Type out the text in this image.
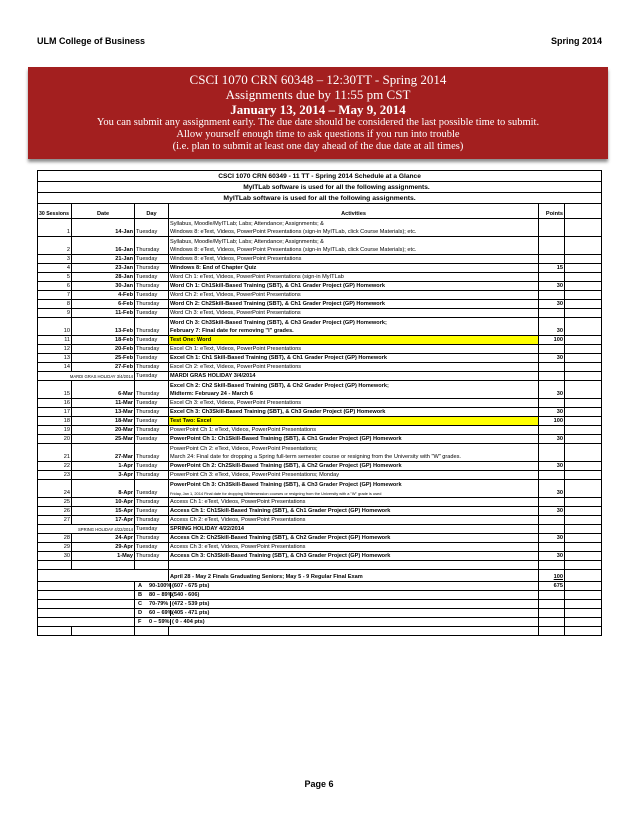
ULM College of Business	Spring 2014
CSCI 1070 CRN 60348 – 12:30TT - Spring 2014
Assignments due by 11:55 pm CST
January 13, 2014 – May 9, 2014
You can submit any assignment early. The due date should be considered the last possible time to submit.
Allow yourself enough time to ask questions if you run into trouble
(i.e. plan to submit at least one day ahead of the due date at all times)
CSCI 1070 CRN 60349 - 11 TT - Spring 2014 Schedule at a Glance					
		MyITLab software is used for all the following assignments.			
MyITLab software is used for all the following assignments.					
30 Sessions	Date	Day	Activities	Points	
1	14-Jan	Tuesday	Syllabus, Moodle/MyITLab; Labs; Attendance; Assignments; &
Windows 8: eText, Videos, PowerPoint Presentations (sign-in MyITLab, click Course Materials); etc.		

2	16-Jan	Thursday	Syllabus, Moodle/MyITLab; Labs; Attendance; Assignments; &
Windows 8: eText, Videos, PowerPoint Presentations (sign-in MyITLab, click Course Materials); etc.		

3	21-Jan	Tuesday	Windows 8: eText, Videos, PowerPoint Presentations		
4	23-Jan	Thursday	Windows 8: End of Chapter Quiz	15	
5	28-Jan	Tuesday	Word Ch 1: eText, Videos, PowerPoint Presentations (sign-in MyITLab		
6	30-Jan	Thursday	Word Ch 1: Ch1Skill-Based Training (SBT), & Ch1 Grader Project (GP) Homework	30	
7	4-Feb	Tuesday	Word Ch 2: eText, Videos, PowerPoint Presentations		
8	6-Feb	Thursday	Word Ch 2: Ch2Skill-Based Training (SBT), & Ch1 Grader Project (GP) Homework	30	
9	11-Feb	Tuesday	Word Ch 3: eText, Videos, PowerPoint Presentations		
10	13-Feb	Thursday	Word Ch 3: Ch3Skill-Based Training (SBT), & Ch3 Grader Project (GP) Homework;
February 7: Final date for removing "I" grades.	30	
11	18-Feb	Tuesday	Test One: Word	100	
12	20-Feb	Thursday	Excel Ch 1: eText, Videos, PowerPoint Presentations		
13	25-Feb	Tuesday	Excel Ch 1: Ch1 Skill-Based Training (SBT), & Ch1 Grader Project (GP) Homework	30	
14	27-Feb	Thursday	Excel Ch 2: eText, Videos, PowerPoint Presentations		
MARDI GRAS HOLIDAY 3/4/2014		Tuesday	MARDI GRAS HOLIDAY 3/4/2014		
15	6-Mar	Thursday	Excel Ch 2: Ch2 Skill-Based Training (SBT), & Ch2 Grader Project (GP) Homework;
Midterm: February 24 - March 6	30	
16	11-Mar	Tuesday	Excel Ch 3: eText, Videos, PowerPoint Presentations		
17	13-Mar	Thursday	Excel Ch 3: Ch3Skill-Based Training (SBT), & Ch3 Grader Project (GP) Homework	30	
18	18-Mar	Tuesday	Test Two: Excel	100	
19	20-Mar	Thursday	PowerPoint Ch 1: eText, Videos, PowerPoint Presentations		
20	25-Mar	Tuesday	PowerPoint Ch 1: Ch1Skill-Based Training (SBT), & Ch1 Grader Project (GP) Homework	30	
21	27-Mar	Thursday	PowerPoint Ch 2: eText, Videos, PowerPoint Presentations;
March 24: Final date for dropping a Spring full-term semester course or resigning from the University with "W" grades.		

22	1-Apr	Tuesday	PowerPoint Ch 2: Ch2Skill-Based Training (SBT), & Ch2 Grader Project (GP) Homework	30	
23	3-Apr	Thursday	PowerPoint Ch 3: eText, Videos, PowerPoint Presentations; Monday		
24	8-Apr	Tuesday	PowerPoint Ch 3: Ch3Skill-Based Training (SBT), & Ch3 Grader Project (GP) Homework
Friday, Jan 1, 2014 Final date for dropping Wintersession courses or resigning from the University with a "W" grade is used	30	
25	10-Apr	Thursday	Access Ch 1: eText, Videos, PowerPoint Presentations		
26	15-Apr	Tuesday	Access Ch 1: Ch1Skill-Based Training (SBT), & Ch1 Grader Project (GP) Homework	30	
27	17-Apr	Thursday	Access Ch 2: eText, Videos, PowerPoint Presentations		
SPRING HOLIDAY 4/22/2014		Tuesday	SPRING HOLIDAY 4/22/2014		
28	24-Apr	Thursday	Access Ch 2: Ch2Skill-Based Training (SBT), & Ch2 Grader Project (GP) Homework	30	
29	29-Apr	Tuesday	Access Ch 3: eText, Videos, PowerPoint Presentations		
30	1-May	Thursday	Access Ch 3: Ch3Skill-Based Training (SBT), & Ch3 Grader Project (GP) Homework	30	

			April 28 - May 2 Finals Graduating Seniors; May 5 - 9 Regular Final Exam	100	
		A 90-100%(607 - 675 pts)		675	
		B 80 – 89%(540 - 606)			
		C 70-79% (472 - 539 pts)			
		D 60 – 69%(405 - 471 pts)			
		F 0 – 59% ( 0 - 404 pts)			

Page 6
